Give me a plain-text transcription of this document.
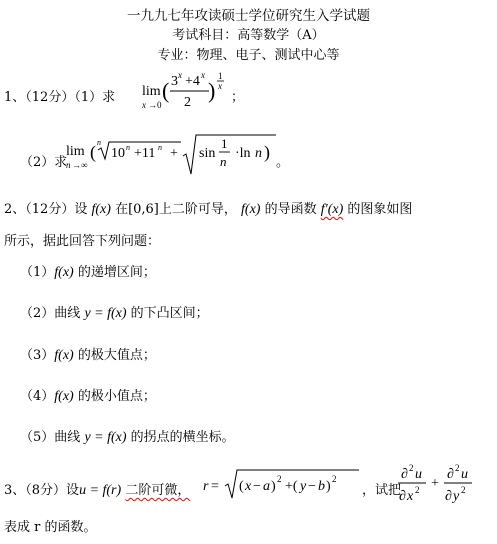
一九九七年攻读硕士学位研究生入学试题
考试科目：高等数学（A）
专业：物理、电子、测试中心等
1、（12分）（1）求 lim
x →0
( 3 x +4 x
2 )
1
x
；
（2）求
lim
n →∞
( n
10 n +11 n + sin
1
n
·ln n )
。
2、（12分）设 f(x) 在[0,6]上二阶可导， f(x) 的导函数 f′(x) 的图象如图
所示，据此回答下列问题：
（1）f(x) 的递增区间；
（2）曲线 y = f(x) 的下凸区间；
（3）f(x) 的极大值点；
（4）f(x) 的极小值点；
（5）曲线 y = f(x) 的拐点的横坐标。
3、（8分）设u = f(r) 二阶可微， r = ( x − a ) 2 +( y − b ) 2
，试把
∂ 2 u
∂ x 2 +
∂ 2 u
∂ y 2
表成 r 的函数。
